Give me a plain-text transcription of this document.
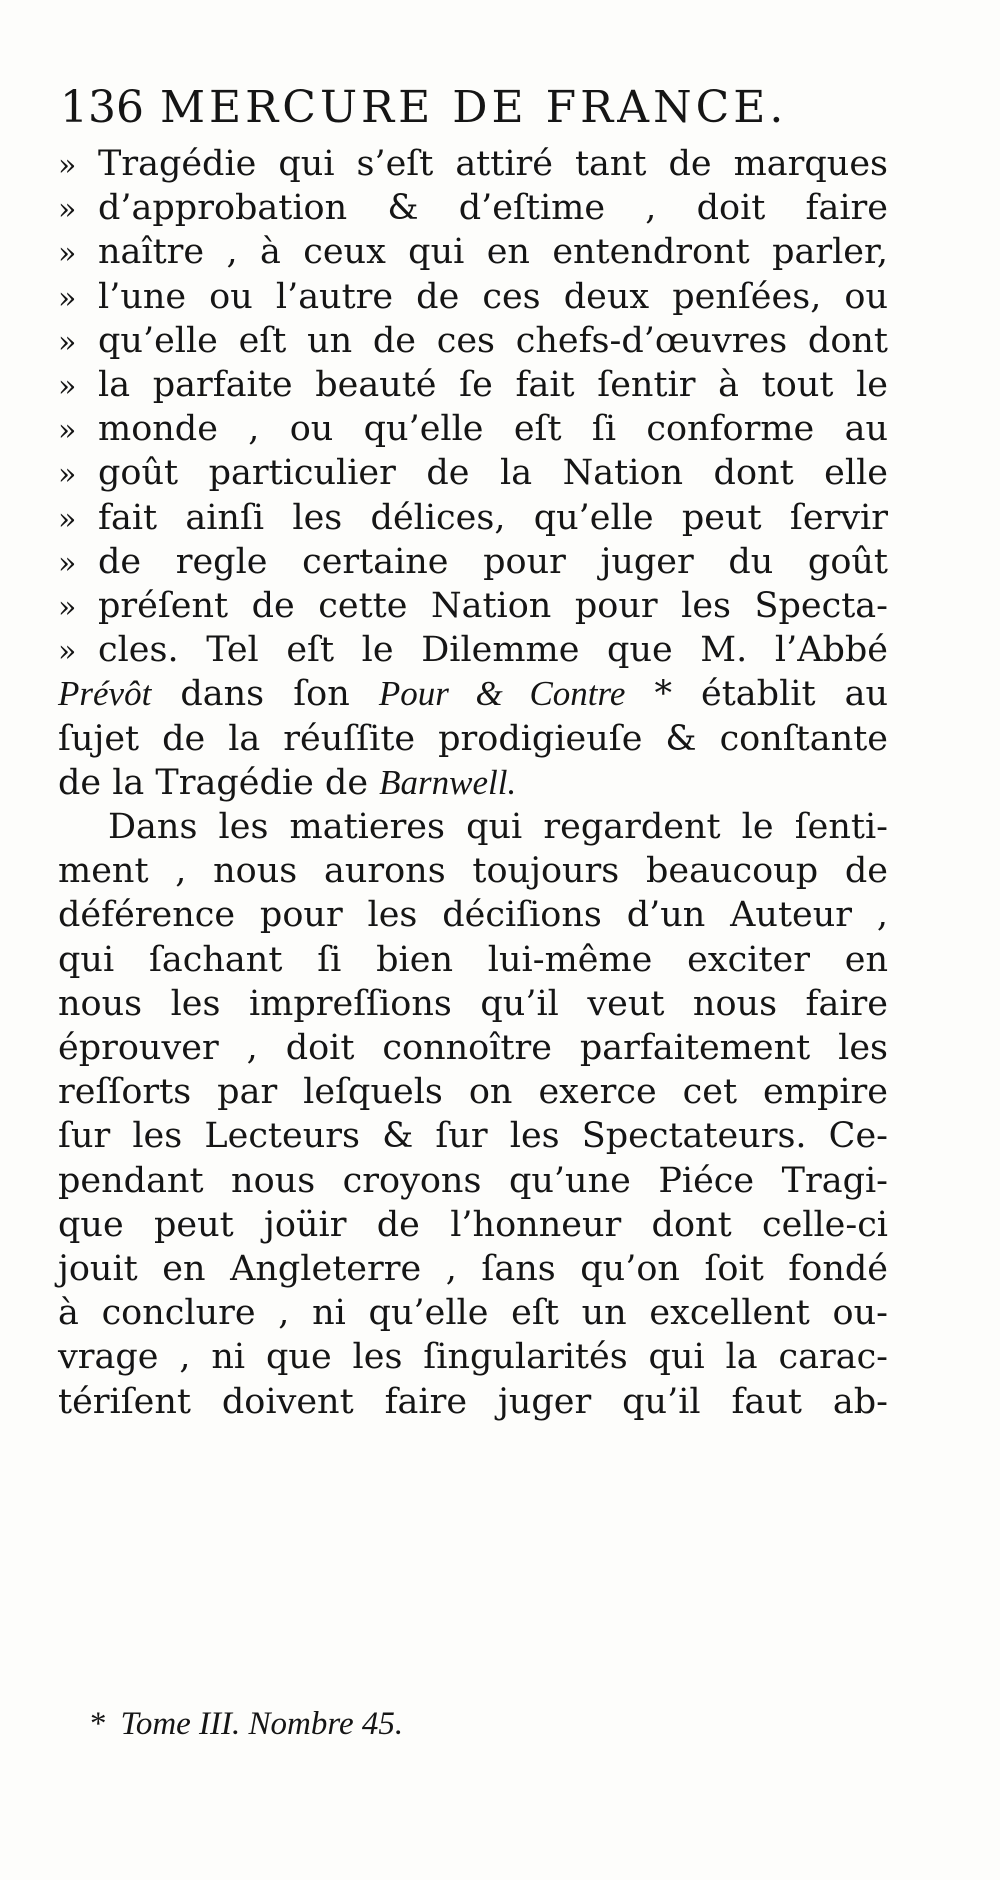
136 MERCURE DE FRANCE.
» Tragédie qui s’eſt attiré tant de marques
» d’approbation & d’eſtime , doit faire
» naître , à ceux qui en entendront parler,
» l’une ou l’autre de ces deux penſées, ou
» qu’elle eſt un de ces chefs-d’œuvres dont
» la parfaite beauté ſe fait ſentir à tout le
» monde , ou qu’elle eſt ſi conforme au
» goût particulier de la Nation dont elle
» fait ainſi les délices, qu’elle peut ſervir
» de regle certaine pour juger du goût
» préſent de cette Nation pour les Specta-
» cles. Tel eſt le Dilemme que M. l’Abbé
Prévôt dans ſon Pour & Contre * établit au
ſujet de la réuſſite prodigieuſe & conſtante
de la Tragédie de Barnwell.
Dans les matieres qui regardent le ſenti-
ment , nous aurons toujours beaucoup de
déférence pour les déciſions d’un Auteur ,
qui ſachant ſi bien lui-même exciter en
nous les impreſſions qu’il veut nous faire
éprouver , doit connoître parfaitement les
reſſorts par leſquels on exerce cet empire
ſur les Lecteurs & ſur les Spectateurs. Ce-
pendant nous croyons qu’une Piéce Tragi-
que peut joüir de l’honneur dont celle-ci
jouit en Angleterre , ſans qu’on ſoit fondé
à conclure , ni qu’elle eſt un excellent ou-
vrage , ni que les ſingularités qui la carac-
tériſent doivent faire juger qu’il faut ab-
* Tome III. Nombre 45.
